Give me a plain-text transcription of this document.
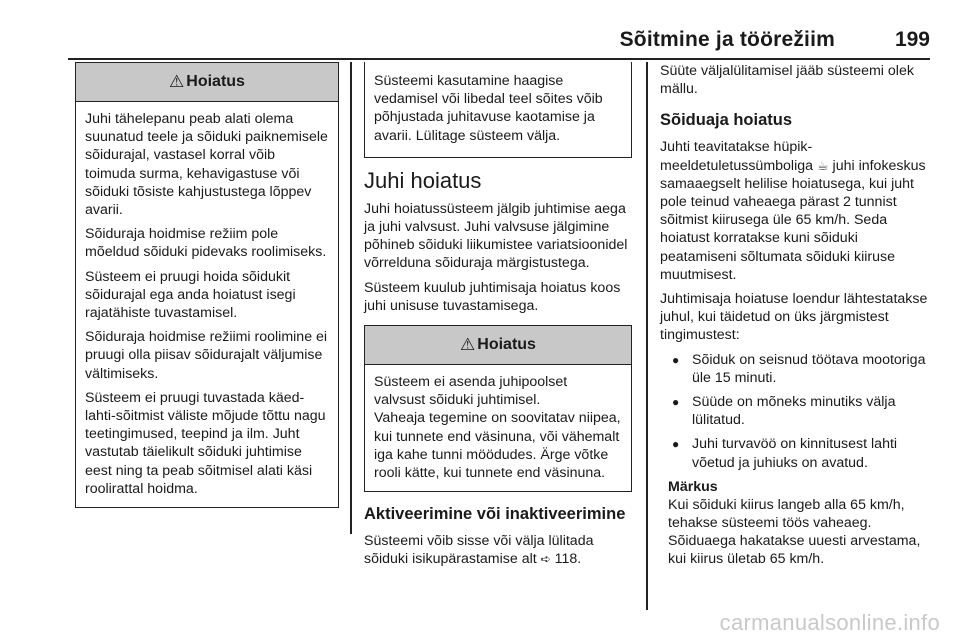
Sõitmine ja töörežiim	199
⚠ Hoiatus

Juhi tähelepanu peab alati olema suunatud teele ja sõiduki paiknemisele sõidurajal, vastasel korral võib toimuda surma, kehavigastuse või sõiduki tõsiste kahjustustega lõppev avarii.

Sõiduraja hoidmise režiim pole mõeldud sõiduki pidevaks roolimiseks.

Süsteem ei pruugi hoida sõidukit sõidurajal ega anda hoiatust isegi rajatähiste tuvastamisel.

Sõiduraja hoidmise režiimi roolimine ei pruugi olla piisav sõidurajalt väljumise vältimiseks.

Süsteem ei pruugi tuvastada käed-lahti-sõitmist väliste mõjude tõttu nagu teetingimused, teepind ja ilm. Juht vastutab täielikult sõiduki juhtimise eest ning ta peab sõitmisel alati käsi roolirattal hoidma.

Süsteemi kasutamine haagise vedamisel või libedal teel sõites võib põhjustada juhitavuse kaotamise ja avarii. Lülitage süsteem välja.

Juhi hoiatus

Juhi hoiatussüsteem jälgib juhtimise aega ja juhi valvsust. Juhi valvsuse jälgimine põhineb sõiduki liikumistee variatsioonidel võrrelduna sõiduraja märgistustega.

Süsteem kuulub juhtimisaja hoiatus koos juhi unisuse tuvastamisega.

⚠ Hoiatus

Süsteem ei asenda juhipoolset valvsust sõiduki juhtimisel.

Vaheaja tegemine on soovitatav niipea, kui tunnete end väsinuna, või vähemalt iga kahe tunni möödudes. Ärge võtke rooli kätte, kui tunnete end väsinuna.

Aktiveerimine või inaktiveerimine

Süsteemi võib sisse või välja lülitada sõiduki isikupärastamise alt ➪ 118.

Süüte väljalülitamisel jääb süsteemi olek mällu.

Sõiduaja hoiatus

Juhti teavitatakse hüpik-meeldetuletussümboliga ☕ juhi infokeskus samaaegselt helilise hoiatusega, kui juht pole teinud vaheaega pärast 2 tunnist sõitmist kiirusega üle 65 km/h. Seda hoiatust korratakse kuni sõiduki peatamiseni sõltumata sõiduki kiiruse muutmisest.

Juhtimisaja hoiatuse loendur lähtestatakse juhul, kui täidetud on üks järgmistest tingimustest:

● Sõiduk on seisnud töötava mootoriga üle 15 minuti.
● Süüde on mõneks minutiks välja lülitatud.
● Juhi turvavöö on kinnitusest lahti võetud ja juhiuks on avatud.
Märkus

Kui sõiduki kiirus langeb alla 65 km/h, tehakse süsteemi töös vaheaeg. Sõiduaega hakatakse uuesti arvestama, kui kiirus ületab 65 km/h.

carmanualsonline.info
